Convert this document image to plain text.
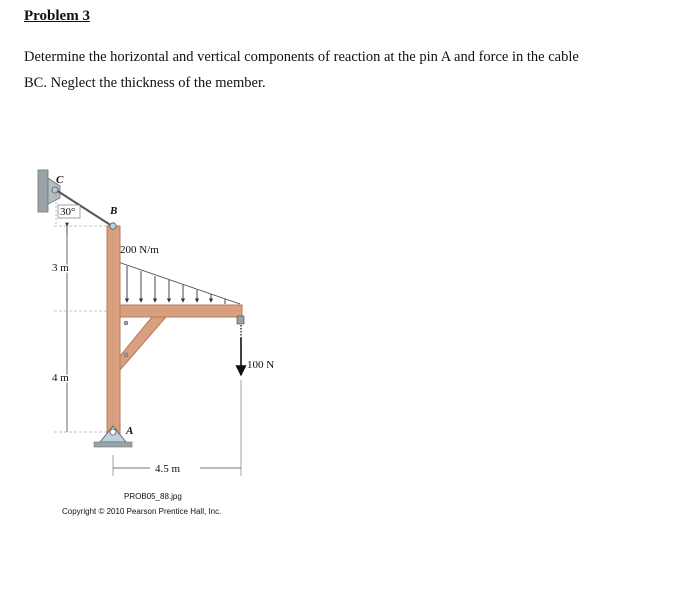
Problem 3
Determine the horizontal and vertical components of reaction at the pin A and force in the cable
BC. Neglect the thickness of the member.
C
B
A
30°
200 N/m
100 N
3 m
4 m
4.5 m
PROB05_88.jpg
Copyright © 2010 Pearson Prentice Hall, Inc.
